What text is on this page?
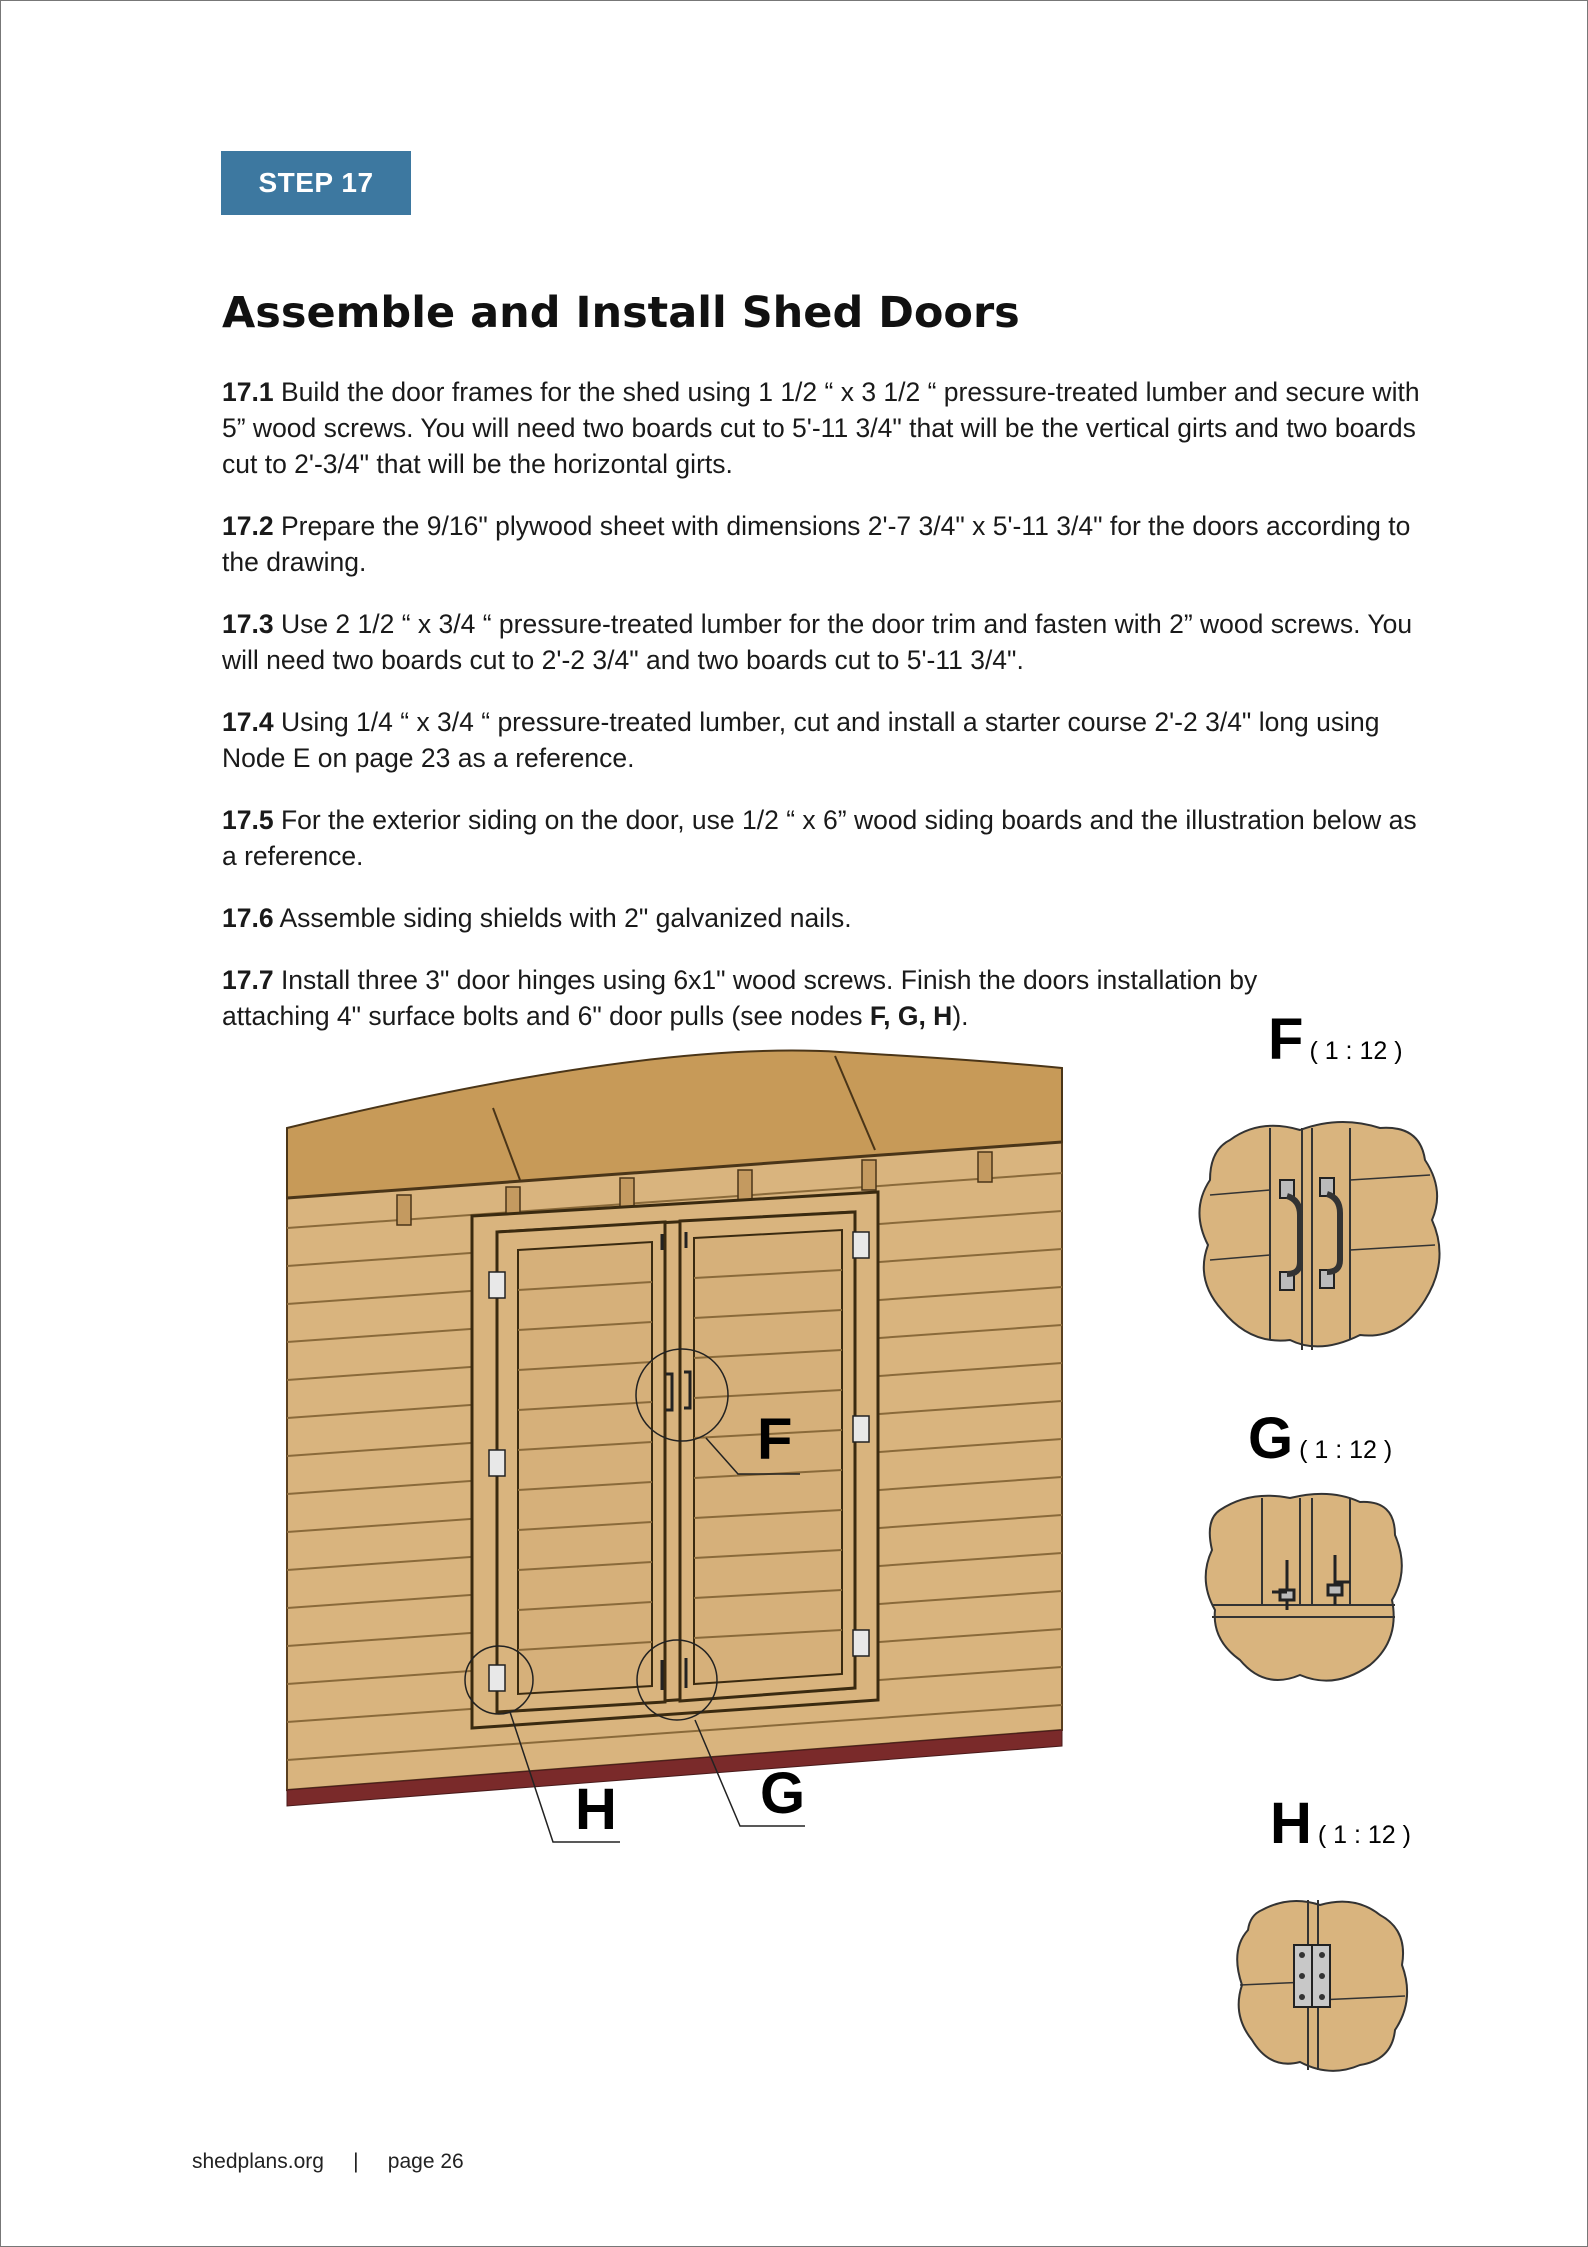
STEP 17
Assemble and Install Shed Doors

17.1 Build the door frames for the shed using 1 1/2 “ x 3 1/2 “ pressure-treated lumber and secure with 5” wood screws. You will need two boards cut to 5'-11 3/4" that will be the vertical girts and two boards cut to 2'-3/4" that will be the horizontal girts.

17.2 Prepare the 9/16" plywood sheet with dimensions 2'-7 3/4" x 5'-11 3/4" for the doors according to the drawing.

17.3 Use 2 1/2 “ x 3/4 “ pressure-treated lumber for the door trim and fasten with 2” wood screws. You will need two boards cut to 2'-2 3/4" and two boards cut to 5'-11 3/4".

17.4 Using 1/4 “ x 3/4 “ pressure-treated lumber, cut and install a starter course 2'-2 3/4" long using Node E on page 23 as a reference.

17.5 For the exterior siding on the door, use 1/2 “ x 6” wood siding boards and the illustration below as a reference.

17.6 Assemble siding shields with 2" galvanized nails.

17.7 Install three 3" door hinges using 6x1" wood screws. Finish the doors installation by attaching 4" surface bolts and 6" door pulls (see nodes F, G, H).

F
G
H
F ( 1 : 12 )
G ( 1 : 12 )
H ( 1 : 12 )
shedplans.org | page 26
